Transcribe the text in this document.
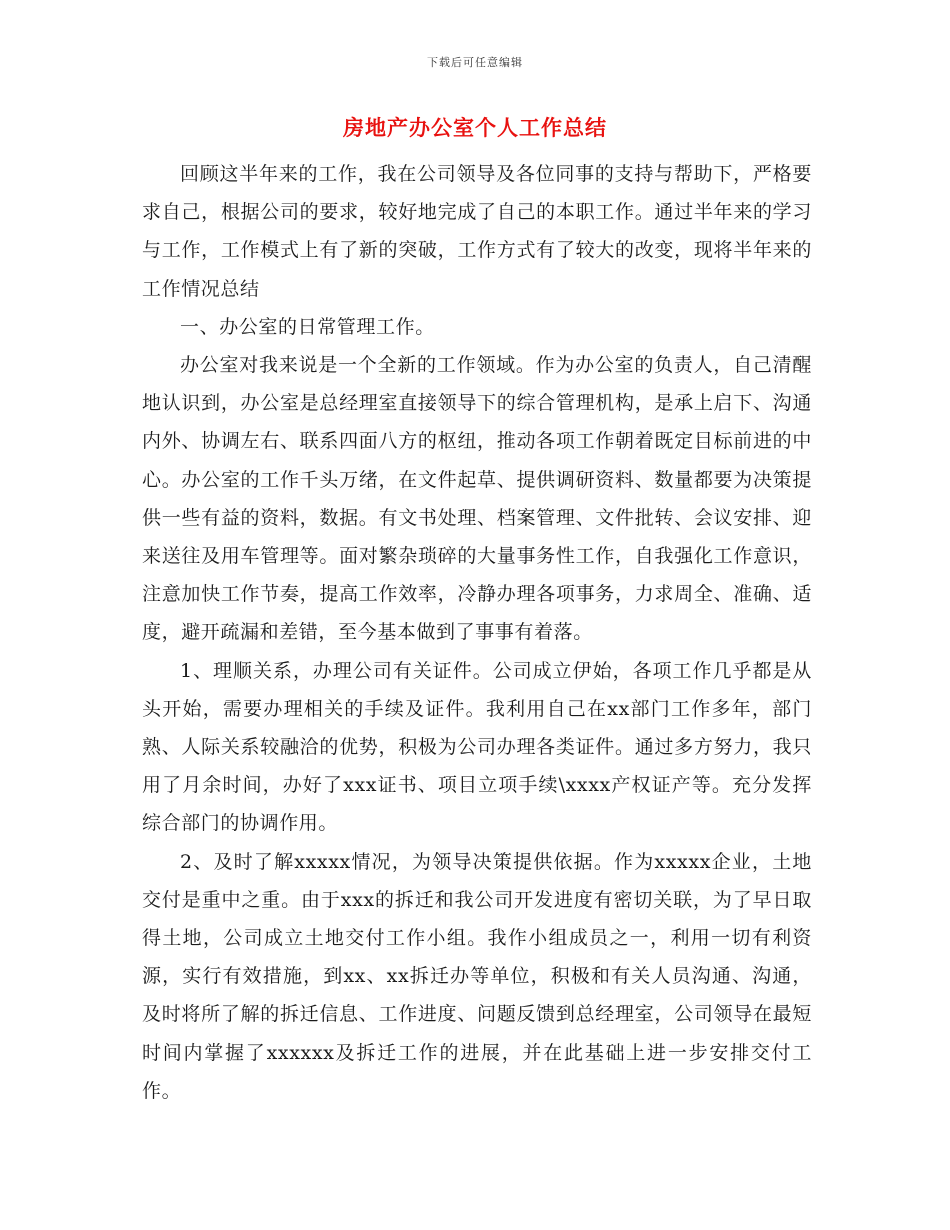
下载后可任意编辑
房地产办公室个人工作总结

回顾这半年来的工作，我在公司领导及各位同事的支持与帮助下，严格要求自己，根据公司的要求，较好地完成了自己的本职工作。通过半年来的学习与工作，工作模式上有了新的突破，工作方式有了较大的改变，现将半年来的工作情况总结

一、办公室的日常管理工作。

办公室对我来说是一个全新的工作领域。作为办公室的负责人，自己清醒地认识到，办公室是总经理室直接领导下的综合管理机构，是承上启下、沟通内外、协调左右、联系四面八方的枢纽，推动各项工作朝着既定目标前进的中心。办公室的工作千头万绪，在文件起草、提供调研资料、数量都要为决策提供一些有益的资料，数据。有文书处理、档案管理、文件批转、会议安排、迎来送往及用车管理等。面对繁杂琐碎的大量事务性工作，自我强化工作意识，注意加快工作节奏，提高工作效率，冷静办理各项事务，力求周全、准确、适度，避开疏漏和差错，至今基本做到了事事有着落。

1、理顺关系，办理公司有关证件。公司成立伊始，各项工作几乎都是从头开始，需要办理相关的手续及证件。我利用自己在xx部门工作多年，部门熟、人际关系较融洽的优势，积极为公司办理各类证件。通过多方努力，我只用了月余时间，办好了xxx证书、项目立项手续\xxxx产权证产等。充分发挥综合部门的协调作用。

2、及时了解xxxxx情况，为领导决策提供依据。作为xxxxx企业，土地交付是重中之重。由于xxx的拆迁和我公司开发进度有密切关联，为了早日取得土地，公司成立土地交付工作小组。我作小组成员之一，利用一切有利资源，实行有效措施，到xx、xx拆迁办等单位，积极和有关人员沟通、沟通，及时将所了解的拆迁信息、工作进度、问题反馈到总经理室，公司领导在最短时间内掌握了xxxxxx及拆迁工作的进展，并在此基础上进一步安排交付工作。
